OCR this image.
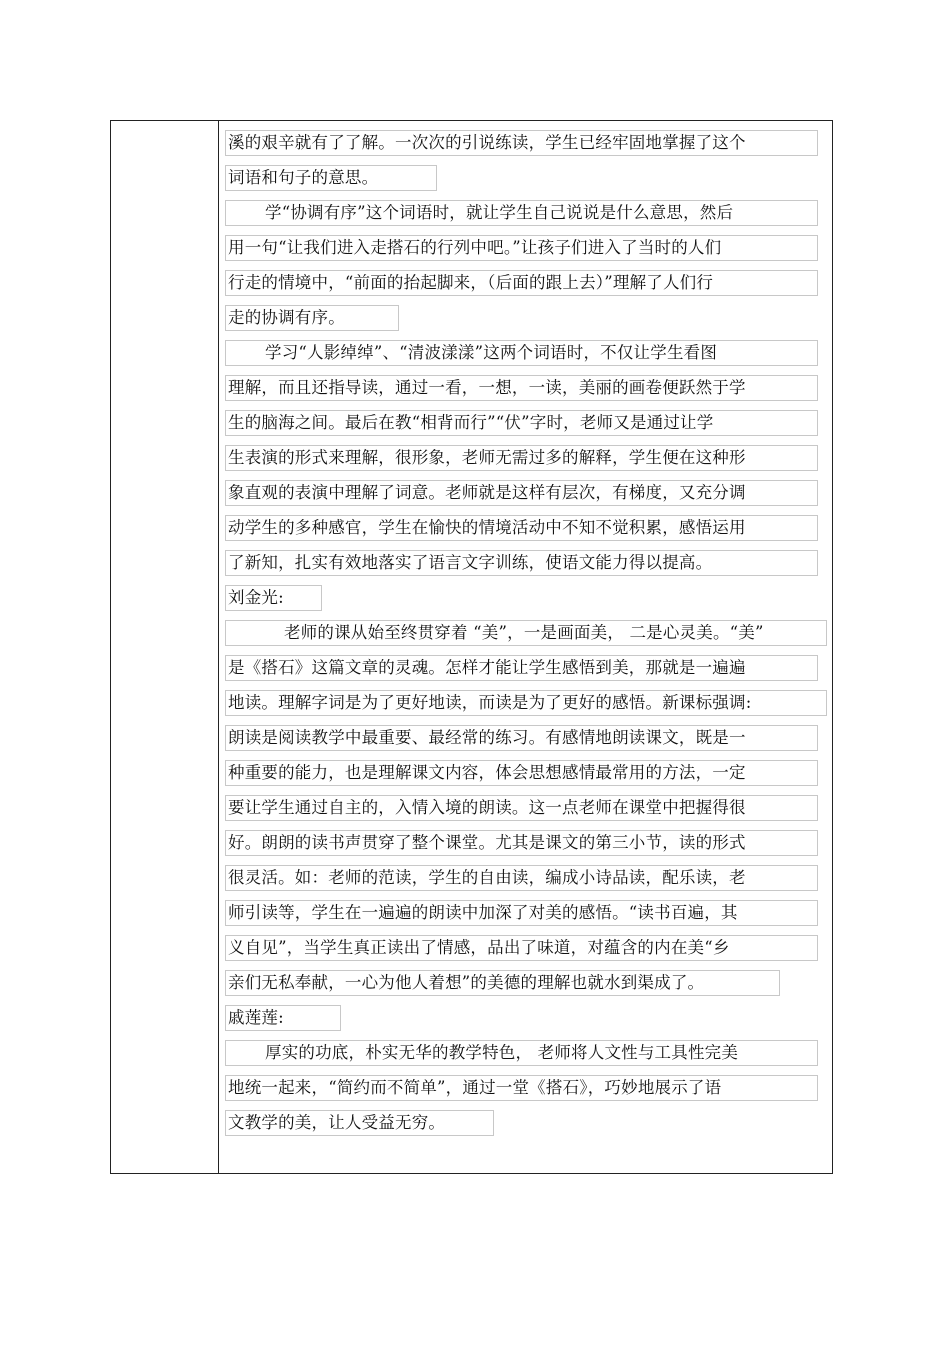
溪的艰辛就有了了解。一次次的引说练读，学生已经牢固地掌握了这个
词语和句子的意思。
学“协调有序”这个词语时，就让学生自己说说是什么意思，然后
用一句“让我们进入走搭石的行列中吧。”让孩子们进入了当时的人们
行走的情境中，“前面的抬起脚来，（后面的跟上去）”理解了人们行
走的协调有序。
学习“人影绰绰”、“清波漾漾”这两个词语时，不仅让学生看图
理解，而且还指导读，通过一看，一想，一读，美丽的画卷便跃然于学
生的脑海之间。最后在教“相背而行”“伏”字时，老师又是通过让学
生表演的形式来理解，很形象，老师无需过多的解释，学生便在这种形
象直观的表演中理解了词意。老师就是这样有层次，有梯度，又充分调
动学生的多种感官，学生在愉快的情境活动中不知不觉积累，感悟运用
了新知，扎实有效地落实了语言文字训练，使语文能力得以提高。
刘金光:
老师的课从始至终贯穿着 “美”，一是画面美， 二是心灵美。“美”
是《搭石》这篇文章的灵魂。怎样才能让学生感悟到美，那就是一遍遍
地读。理解字词是为了更好地读，而读是为了更好的感悟。新课标强调:
朗读是阅读教学中最重要、最经常的练习。有感情地朗读课文，既是一
种重要的能力，也是理解课文内容，体会思想感情最常用的方法，一定
要让学生通过自主的，入情入境的朗读。这一点老师在课堂中把握得很
好。朗朗的读书声贯穿了整个课堂。尤其是课文的第三小节，读的形式
很灵活。如：老师的范读，学生的自由读，编成小诗品读，配乐读，老
师引读等，学生在一遍遍的朗读中加深了对美的感悟。“读书百遍，其
义自见”，当学生真正读出了情感，品出了味道，对蕴含的内在美“乡
亲们无私奉献，一心为他人着想”的美德的理解也就水到渠成了。
戚莲莲:
厚实的功底，朴实无华的教学特色， 老师将人文性与工具性完美
地统一起来，“简约而不简单”，通过一堂《搭石》，巧妙地展示了语
文教学的美，让人受益无穷。
